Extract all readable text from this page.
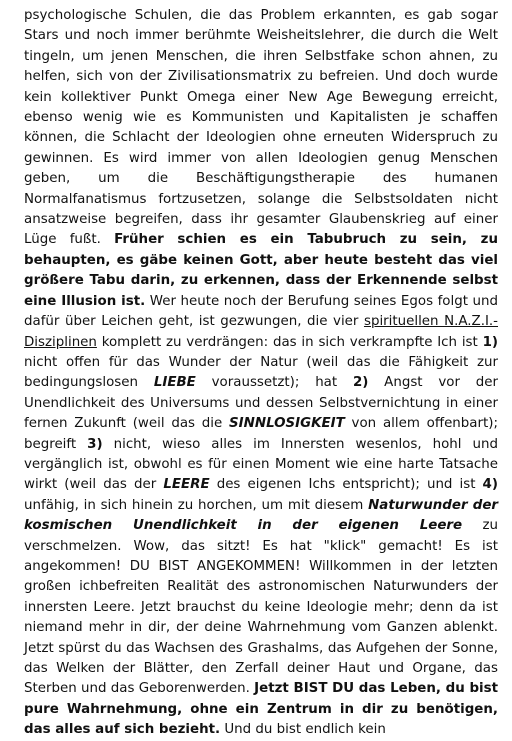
psychologische Schulen, die das Problem erkannten, es gab sogar Stars und noch immer berühmte Weisheitslehrer, die durch die Welt tingeln, um jenen Menschen, die ihren Selbstfake schon ahnen, zu helfen, sich von der Zivilisationsmatrix zu befreien. Und doch wurde kein kollektiver Punkt Omega einer New Age Bewegung erreicht, ebenso wenig wie es Kommunisten und Kapitalisten je schaffen können, die Schlacht der Ideologien ohne erneuten Widerspruch zu gewinnen. Es wird immer von allen Ideologien genug Menschen geben, um die Beschäftigungstherapie des humanen Normalfanatismus fortzusetzen, solange die Selbstsoldaten nicht ansatzweise begreifen, dass ihr gesamter Glaubenskrieg auf einer Lüge fußt. Früher schien es ein Tabubruch zu sein, zu behaupten, es gäbe keinen Gott, aber heute besteht das viel größere Tabu darin, zu erkennen, dass der Erkennende selbst eine Illusion ist. Wer heute noch der Berufung seines Egos folgt und dafür über Leichen geht, ist gezwungen, die vier spirituellen N.A.Z.I.-Disziplinen komplett zu verdrängen: das in sich verkrampfte Ich ist 1) nicht offen für das Wunder der Natur (weil das die Fähigkeit zur bedingungslosen LIEBE voraussetzt); hat 2) Angst vor der Unendlichkeit des Universums und dessen Selbstvernichtung in einer fernen Zukunft (weil das die SINNLOSIGKEIT von allem offenbart); begreift 3) nicht, wieso alles im Innersten wesenlos, hohl und vergänglich ist, obwohl es für einen Moment wie eine harte Tatsache wirkt (weil das der LEERE des eigenen Ichs entspricht); und ist 4) unfähig, in sich hinein zu horchen, um mit diesem Naturwunder der kosmischen Unendlichkeit in der eigenen Leere zu verschmelzen. Wow, das sitzt! Es hat "klick" gemacht! Es ist angekommen! DU BIST ANGEKOMMEN! Willkommen in der letzten großen ichbefreiten Realität des astronomischen Naturwunders der innersten Leere. Jetzt brauchst du keine Ideologie mehr; denn da ist niemand mehr in dir, der deine Wahrnehmung vom Ganzen ablenkt. Jetzt spürst du das Wachsen des Grashalms, das Aufgehen der Sonne, das Welken der Blätter, den Zerfall deiner Haut und Organe, das Sterben und das Geborenwerden. Jetzt BIST DU das Leben, du bist pure Wahrnehmung, ohne ein Zentrum in dir zu benötigen, das alles auf sich bezieht. Und du bist endlich kein
